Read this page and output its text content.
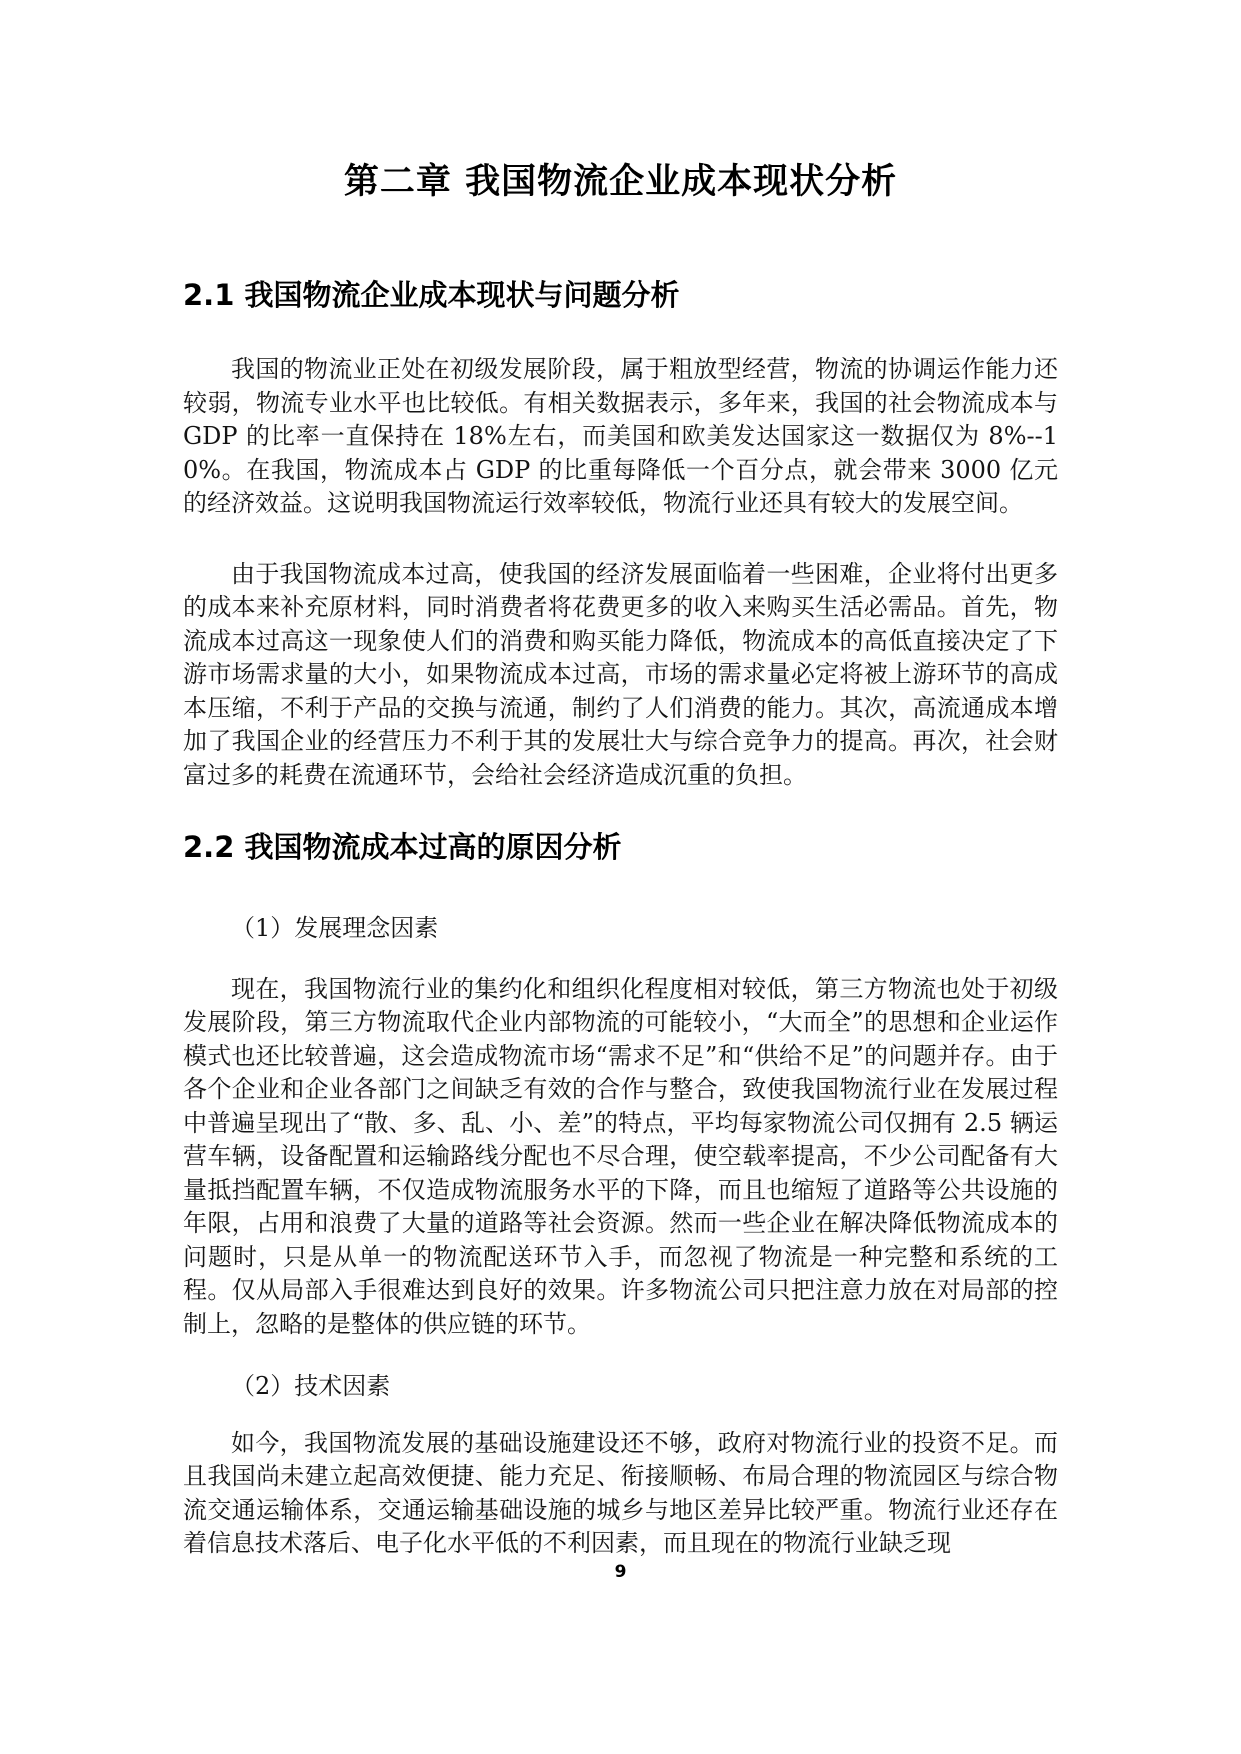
第二章 我国物流企业成本现状分析
2.1 我国物流企业成本现状与问题分析

我国的物流业正处在初级发展阶段，属于粗放型经营，物流的协调运作能力还较弱，物流专业水平也比较低。有相关数据表示，多年来，我国的社会物流成本与 GDP 的比率一直保持在 18%左右，而美国和欧美发达国家这一数据仅为 8%--10%。在我国，物流成本占 GDP 的比重每降低一个百分点，就会带来 3000 亿元的经济效益。这说明我国物流运行效率较低，物流行业还具有较大的发展空间。

由于我国物流成本过高，使我国的经济发展面临着一些困难，企业将付出更多的成本来补充原材料，同时消费者将花费更多的收入来购买生活必需品。首先，物流成本过高这一现象使人们的消费和购买能力降低，物流成本的高低直接决定了下游市场需求量的大小，如果物流成本过高，市场的需求量必定将被上游环节的高成本压缩，不利于产品的交换与流通，制约了人们消费的能力。其次，高流通成本增加了我国企业的经营压力不利于其的发展壮大与综合竞争力的提高。再次，社会财富过多的耗费在流通环节，会给社会经济造成沉重的负担。

2.2 我国物流成本过高的原因分析

（1）发展理念因素

现在，我国物流行业的集约化和组织化程度相对较低，第三方物流也处于初级发展阶段，第三方物流取代企业内部物流的可能较小，“大而全”的思想和企业运作模式也还比较普遍，这会造成物流市场“需求不足”和“供给不足”的问题并存。由于各个企业和企业各部门之间缺乏有效的合作与整合，致使我国物流行业在发展过程中普遍呈现出了“散、多、乱、小、差”的特点，平均每家物流公司仅拥有 2.5 辆运营车辆，设备配置和运输路线分配也不尽合理，使空载率提高，不少公司配备有大量抵挡配置车辆，不仅造成物流服务水平的下降，而且也缩短了道路等公共设施的年限，占用和浪费了大量的道路等社会资源。然而一些企业在解决降低物流成本的问题时，只是从单一的物流配送环节入手，而忽视了物流是一种完整和系统的工程。仅从局部入手很难达到良好的效果。许多物流公司只把注意力放在对局部的控制上，忽略的是整体的供应链的环节。

（2）技术因素

如今，我国物流发展的基础设施建设还不够，政府对物流行业的投资不足。而且我国尚未建立起高效便捷、能力充足、衔接顺畅、布局合理的物流园区与综合物流交通运输体系，交通运输基础设施的城乡与地区差异比较严重。物流行业还存在着信息技术落后、电子化水平低的不利因素，而且现在的物流行业缺乏现

9
